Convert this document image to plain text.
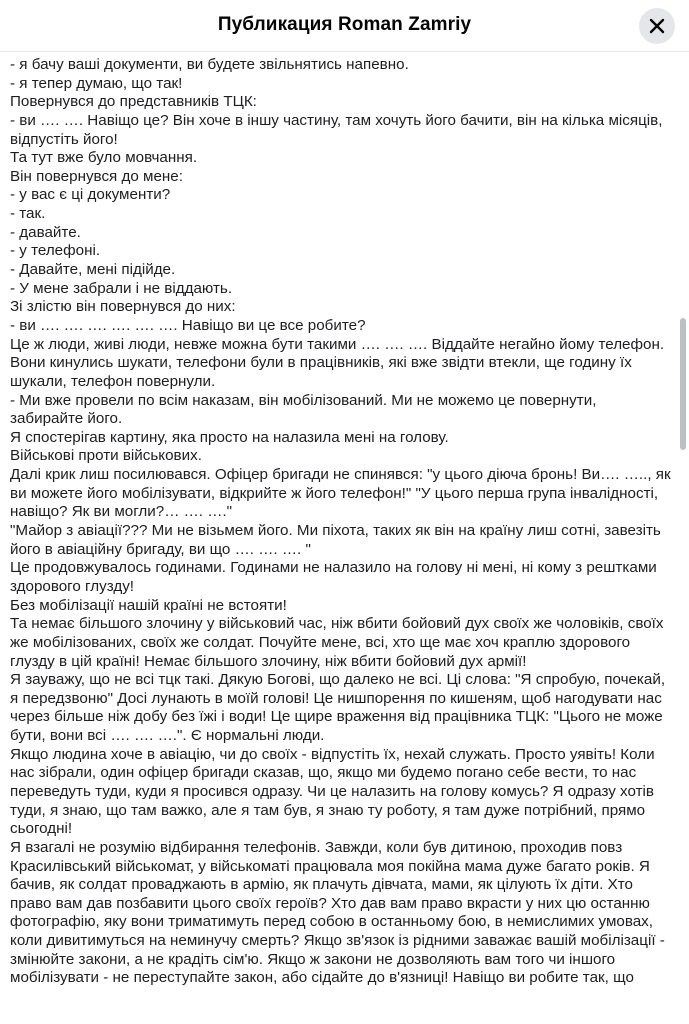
Публикация Roman Zamriy
- я бачу ваші документи, ви будете звільнятись напевно.
- я тепер думаю, що так!
Повернувся до представників ТЦК:
- ви …. …. Навіщо це? Він хоче в іншу частину, там хочуть його бачити, він на кілька місяців,
відпустіть його!
Та тут вже було мовчання.
Він повернувся до мене:
- у вас є ці документи?
- так.
- давайте.
- у телефоні.
- Давайте, мені підійде.
- У мене забрали і не віддають.
Зі злістю він повернувся до них:
- ви …. …. …. …. …. …. Навіщо ви це все робите?
Це ж люди, живі люди, невже можна бути такими …. …. …. Віддайте негайно йому телефон.
Вони кинулись шукати, телефони були в працівників, які вже звідти втекли, ще годину їх
шукали, телефон повернули.
- Ми вже провели по всім наказам, він мобілізований. Ми не можемо це повернути,
забирайте його.
Я спостерігав картину, яка просто на налазила мені на голову.
Військові проти військових.
Далі крик лиш посилювався. Офіцер бригади не спинявся: "у цього діюча бронь! Ви…. ….., як
ви можете його мобілізувати, відкрийте ж його телефон!" "У цього перша група інвалідності,
навіщо? Як ви могли?… …. …."
"Майор з авіації??? Ми не візьмем його. Ми піхота, таких як він на країну лиш сотні, завезіть
його в авіаційну бригаду, ви що …. …. …. "
Це продовжувалось годинами. Годинами не налазило на голову ні мені, ні кому з рештками
здорового глузду!
Без мобілізації нашій країні не встояти!
Та немає більшого злочину у військовий час, ніж вбити бойовий дух своїх же чоловіків, своїх
же мобілізованих, своїх же солдат. Почуйте мене, всі, хто ще має хоч краплю здорового
глузду в цій країні! Немає більшого злочину, ніж вбити бойовий дух армії!
Я зауважу, що не всі тцк такі. Дякую Богові, що далеко не всі. Ці слова: "Я спробую, почекай,
я передзвоню" Досі лунають в моїй голові! Це нишпорення по кишеням, щоб нагодувати нас
через більше ніж добу без їжі і води! Це щире враження від працівника ТЦК: "Цього не може
бути, вони всі …. …. ….". Є нормальні люди.
Якщо людина хоче в авіацію, чи до своїх - відпустіть їх, нехай служать. Просто уявіть! Коли
нас зібрали, один офіцер бригади сказав, що, якщо ми будемо погано себе вести, то нас
переведуть туди, куди я просився одразу. Чи це налазить на голову комусь? Я одразу хотів
туди, я знаю, що там важко, але я там був, я знаю ту роботу, я там дуже потрібний, прямо
сьогодні!
Я взагалі не розумію відбирання телефонів. Завжди, коли був дитиною, проходив повз
Красилівський військомат, у військоматі працювала моя покійна мама дуже багато років. Я
бачив, як солдат проваджають в армію, як плачуть дівчата, мами, як цілують їх діти. Хто
право вам дав позбавити цього своїх героїв? Хто дав вам право вкрасти у них цю останню
фотографію, яку вони триматимуть перед собою в останньому бою, в немислимих умовах,
коли дивитимуться на неминучу смерть? Якщо зв'язок із рідними заважає вашій мобілізації -
змінюйте закони, а не крадіть сім'ю. Якщо ж закони не дозволяють вам того чи іншого
мобілізувати - не переступайте закон, або сідайте до в'язниці! Навіщо ви робите так, що
